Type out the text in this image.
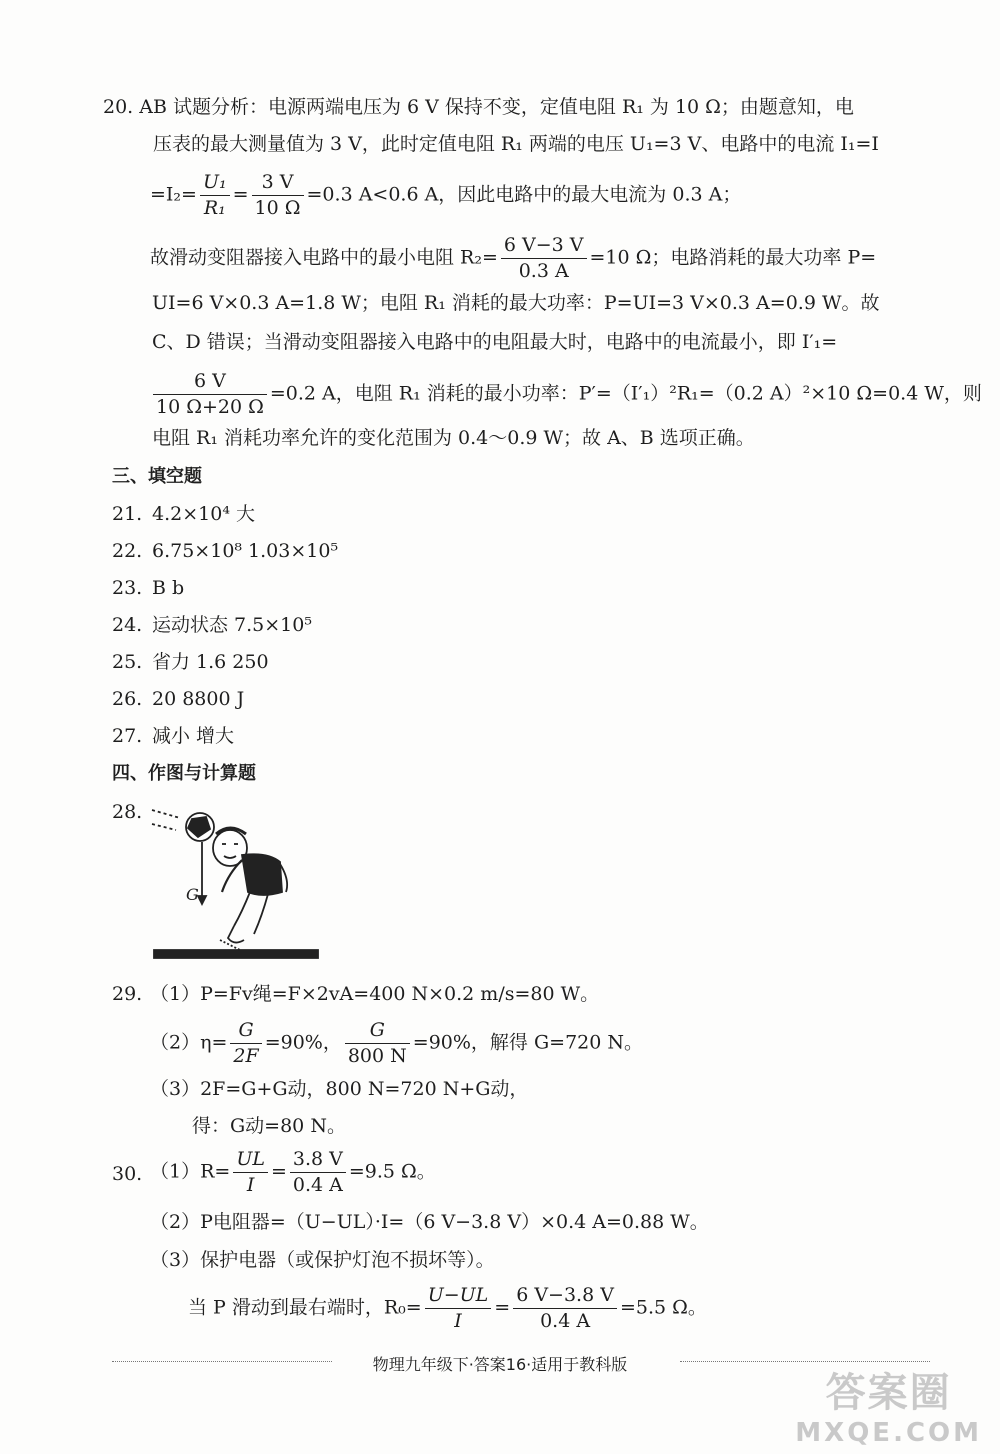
20. AB 试题分析：电源两端电压为 6 V 保持不变，定值电阻 R₁ 为 10 Ω；由题意知，电
压表的最大测量值为 3 V，此时定值电阻 R₁ 两端的电压 U₁=3 V、电路中的电流 I₁=I
$=I_2= \frac{\text{U₁}}{\text{R₁}} = \frac{3 V}{10 \Omega} =0.3$ A<0.6 A，因此电路中的最大电流为 0.3 A；
故滑动变阻器接入电路中的最小电阻 $R_2= \frac{6 V-3 V}{0.3 A} =10$ Ω；电路消耗的最大功率 P=
UI=6 V×0.3 A=1.8 W；电阻 R₁ 消耗的最大功率：P=UI=3 V×0.3 A=0.9 W。故
C、D 错误；当滑动变阻器接入电路中的电阻最大时，电路中的电流最小，即 I′₁=
$\frac{6 V}{10 \Omega+20 \Omega} =0.2$ A，电阻 R₁ 消耗的最小功率：P′=（I′₁）²R₁=（0.2 A）²×10 Ω=0.4 W，则
电阻 R₁ 消耗功率允许的变化范围为 0.4～0.9 W；故 A、B 选项正确。
三、填空题
21. 4.2×10⁴ 大
22. 6.75×10⁸ 1.03×10⁵
23. B b
24. 运动状态 7.5×10⁵
25. 省力 1.6 250
26. 20 8800 J
27. 减小 增大
四、作图与计算题
28.
G
29. （1）P=Fv绳=F×2vA=400 N×0.2 m/s=80 W。
$(2)\eta= \frac{G}{2F} =90\%$， $\frac{G}{800 N} =90\%$，解得 G=720 N。
（3）2F=G+G动，800 N=720 N+G动，
得：G动=80 N。
30. $(1)R= \frac{UL}{I} = \frac{3.8 V}{0.4 A} =9.5$ Ω。
（2）P电阻器=（U−UL）·I=（6 V−3.8 V）×0.4 A=0.88 W。
（3）保护电器（或保护灯泡不损坏等）。
当 P 滑动到最右端时，$R_0= \frac{U-UL}{I} = \frac{6 V-3.8 V}{0.4 A} =5.5$ Ω。
物理九年级下·答案16·适用于教科版
答案圈
MXQE.COM
